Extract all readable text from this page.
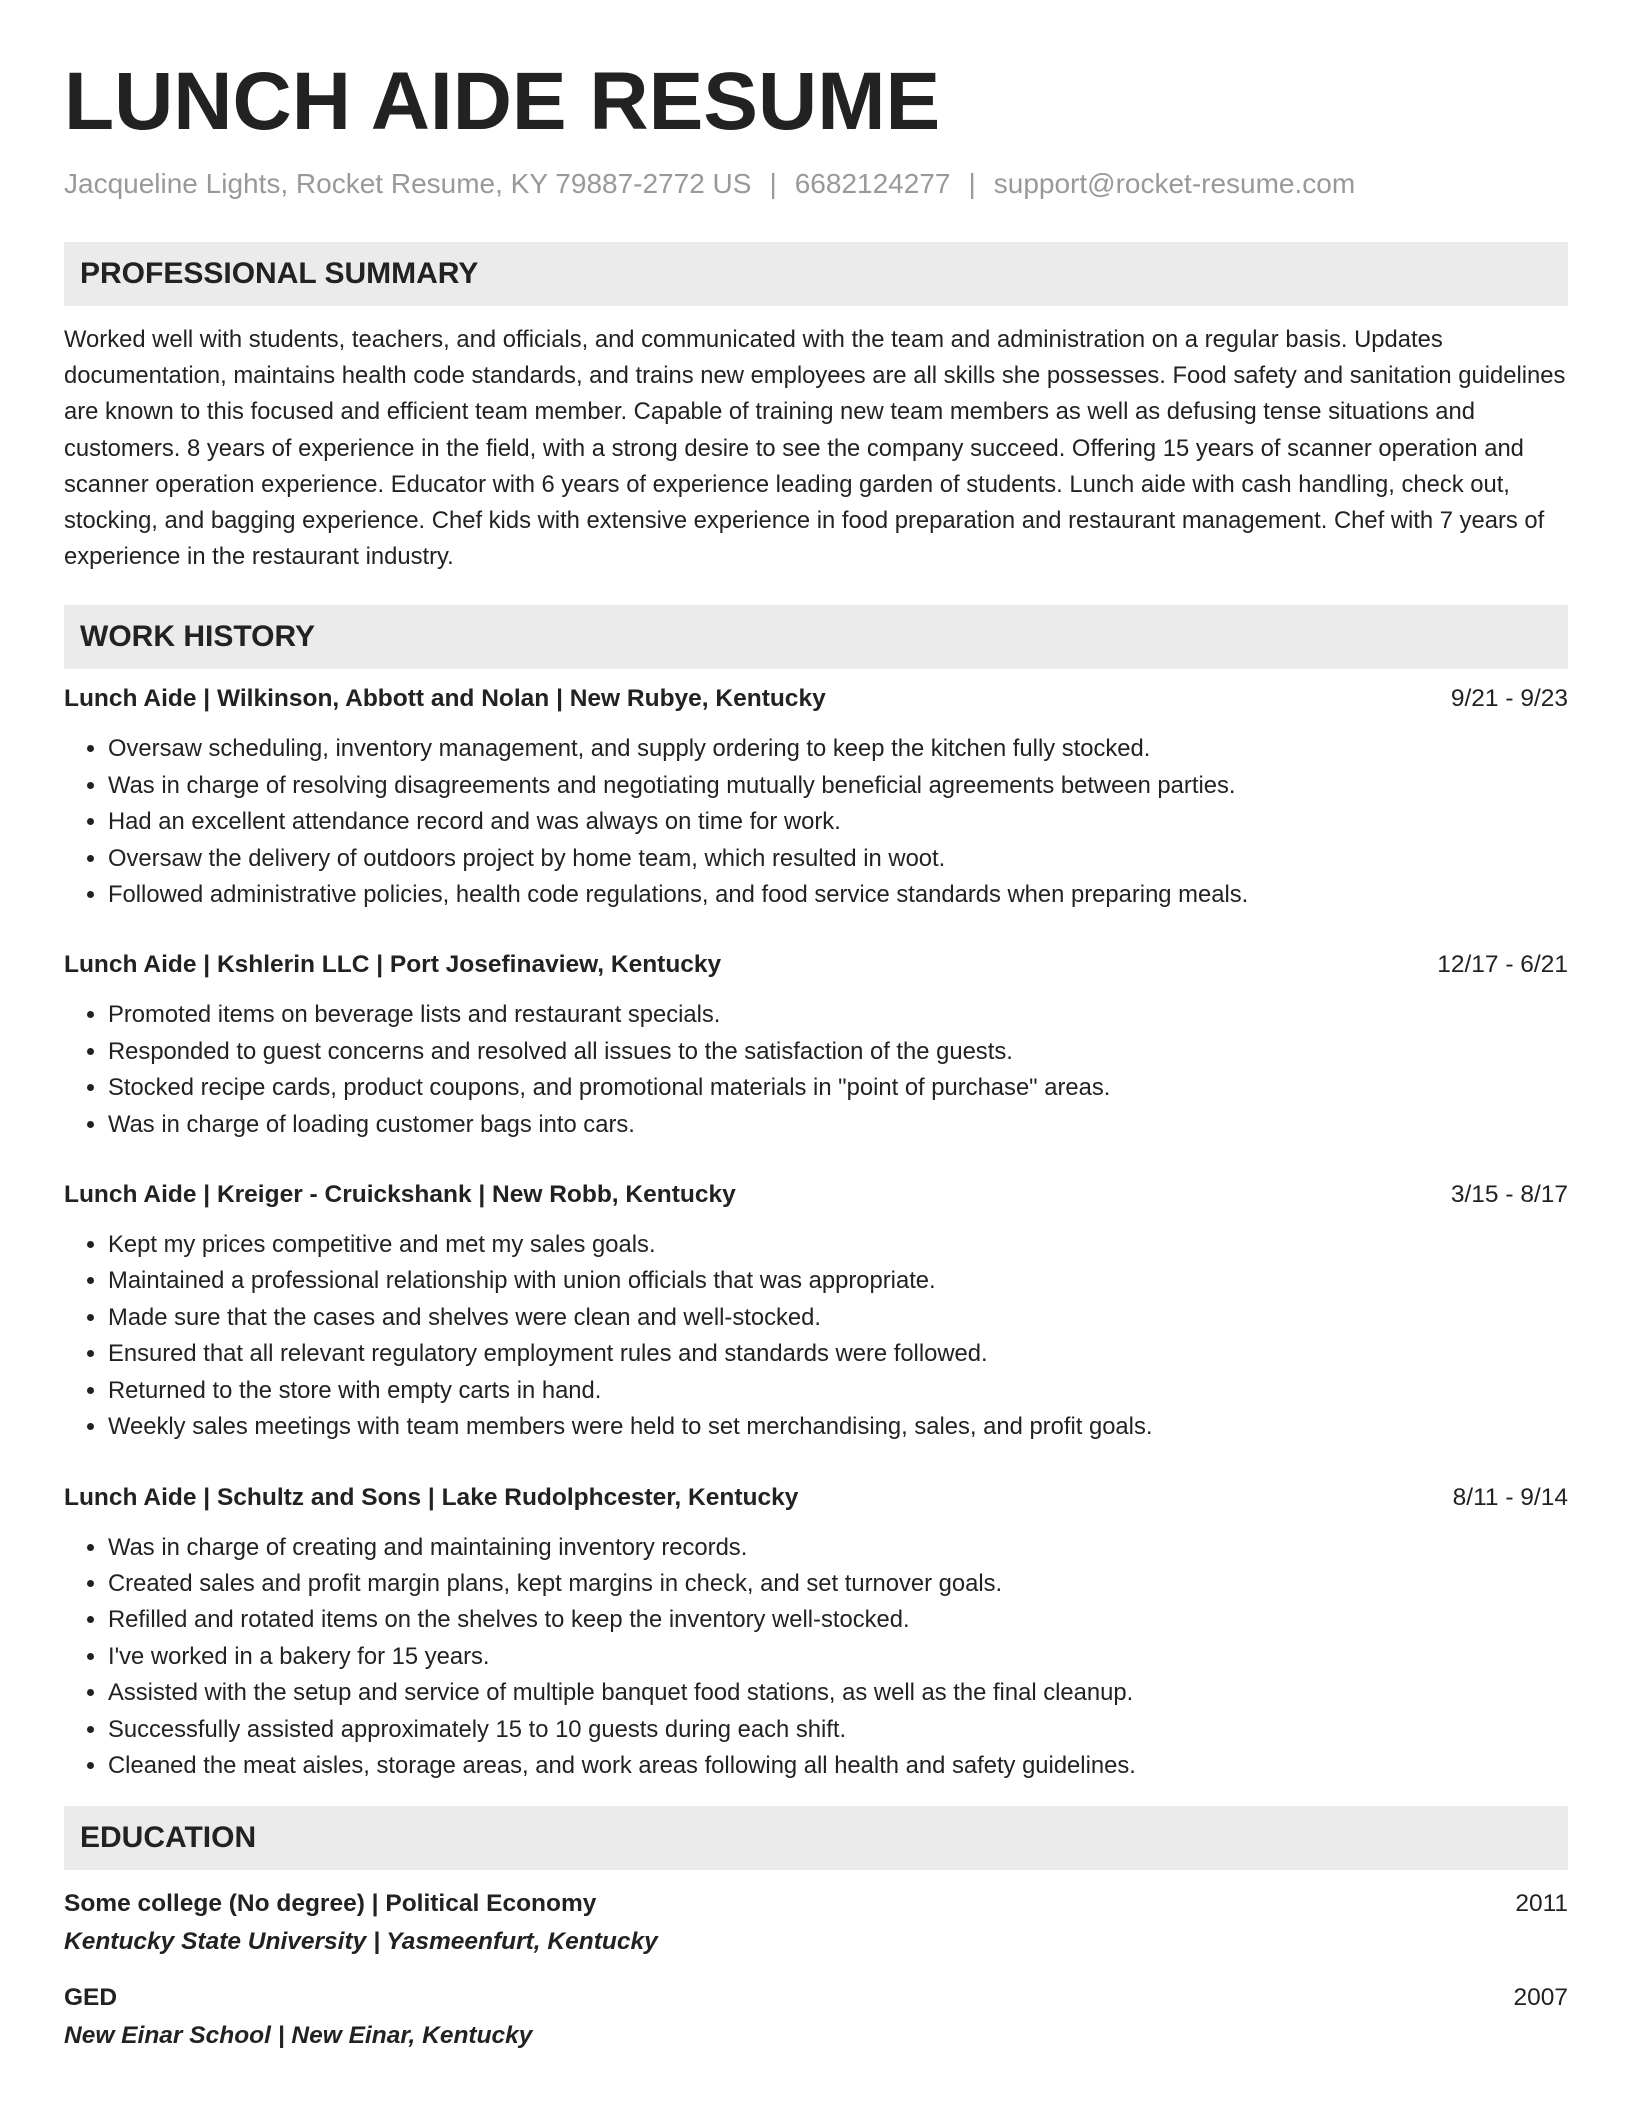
LUNCH AIDE RESUME
Jacqueline Lights, Rocket Resume, KY 79887-2772 US | 6682124277 | support@rocket-resume.com
PROFESSIONAL SUMMARY

Worked well with students, teachers, and officials, and communicated with the team and administration on a regular basis. Updates documentation, maintains health code standards, and trains new employees are all skills she possesses. Food safety and sanitation guidelines are known to this focused and efficient team member. Capable of training new team members as well as defusing tense situations and customers. 8 years of experience in the field, with a strong desire to see the company succeed. Offering 15 years of scanner operation and scanner operation experience. Educator with 6 years of experience leading garden of students. Lunch aide with cash handling, check out, stocking, and bagging experience. Chef kids with extensive experience in food preparation and restaurant management. Chef with 7 years of experience in the restaurant industry.

WORK HISTORY
Lunch Aide | Wilkinson, Abbott and Nolan | New Rubye, Kentucky	9/21 - 9/23
• Oversaw scheduling, inventory management, and supply ordering to keep the kitchen fully stocked.
• Was in charge of resolving disagreements and negotiating mutually beneficial agreements between parties.
• Had an excellent attendance record and was always on time for work.
• Oversaw the delivery of outdoors project by home team, which resulted in woot.
• Followed administrative policies, health code regulations, and food service standards when preparing meals.
Lunch Aide | Kshlerin LLC | Port Josefinaview, Kentucky	12/17 - 6/21
• Promoted items on beverage lists and restaurant specials.
• Responded to guest concerns and resolved all issues to the satisfaction of the guests.
• Stocked recipe cards, product coupons, and promotional materials in "point of purchase" areas.
• Was in charge of loading customer bags into cars.
Lunch Aide | Kreiger - Cruickshank | New Robb, Kentucky	3/15 - 8/17
• Kept my prices competitive and met my sales goals.
• Maintained a professional relationship with union officials that was appropriate.
• Made sure that the cases and shelves were clean and well-stocked.
• Ensured that all relevant regulatory employment rules and standards were followed.
• Returned to the store with empty carts in hand.
• Weekly sales meetings with team members were held to set merchandising, sales, and profit goals.
Lunch Aide | Schultz and Sons | Lake Rudolphcester, Kentucky	8/11 - 9/14
• Was in charge of creating and maintaining inventory records.
• Created sales and profit margin plans, kept margins in check, and set turnover goals.
• Refilled and rotated items on the shelves to keep the inventory well-stocked.
• I've worked in a bakery for 15 years.
• Assisted with the setup and service of multiple banquet food stations, as well as the final cleanup.
• Successfully assisted approximately 15 to 10 guests during each shift.
• Cleaned the meat aisles, storage areas, and work areas following all health and safety guidelines.
EDUCATION
Some college (No degree) | Political Economy	2011
Kentucky State University | Yasmeenfurt, Kentucky
GED	2007
New Einar School | New Einar, Kentucky
